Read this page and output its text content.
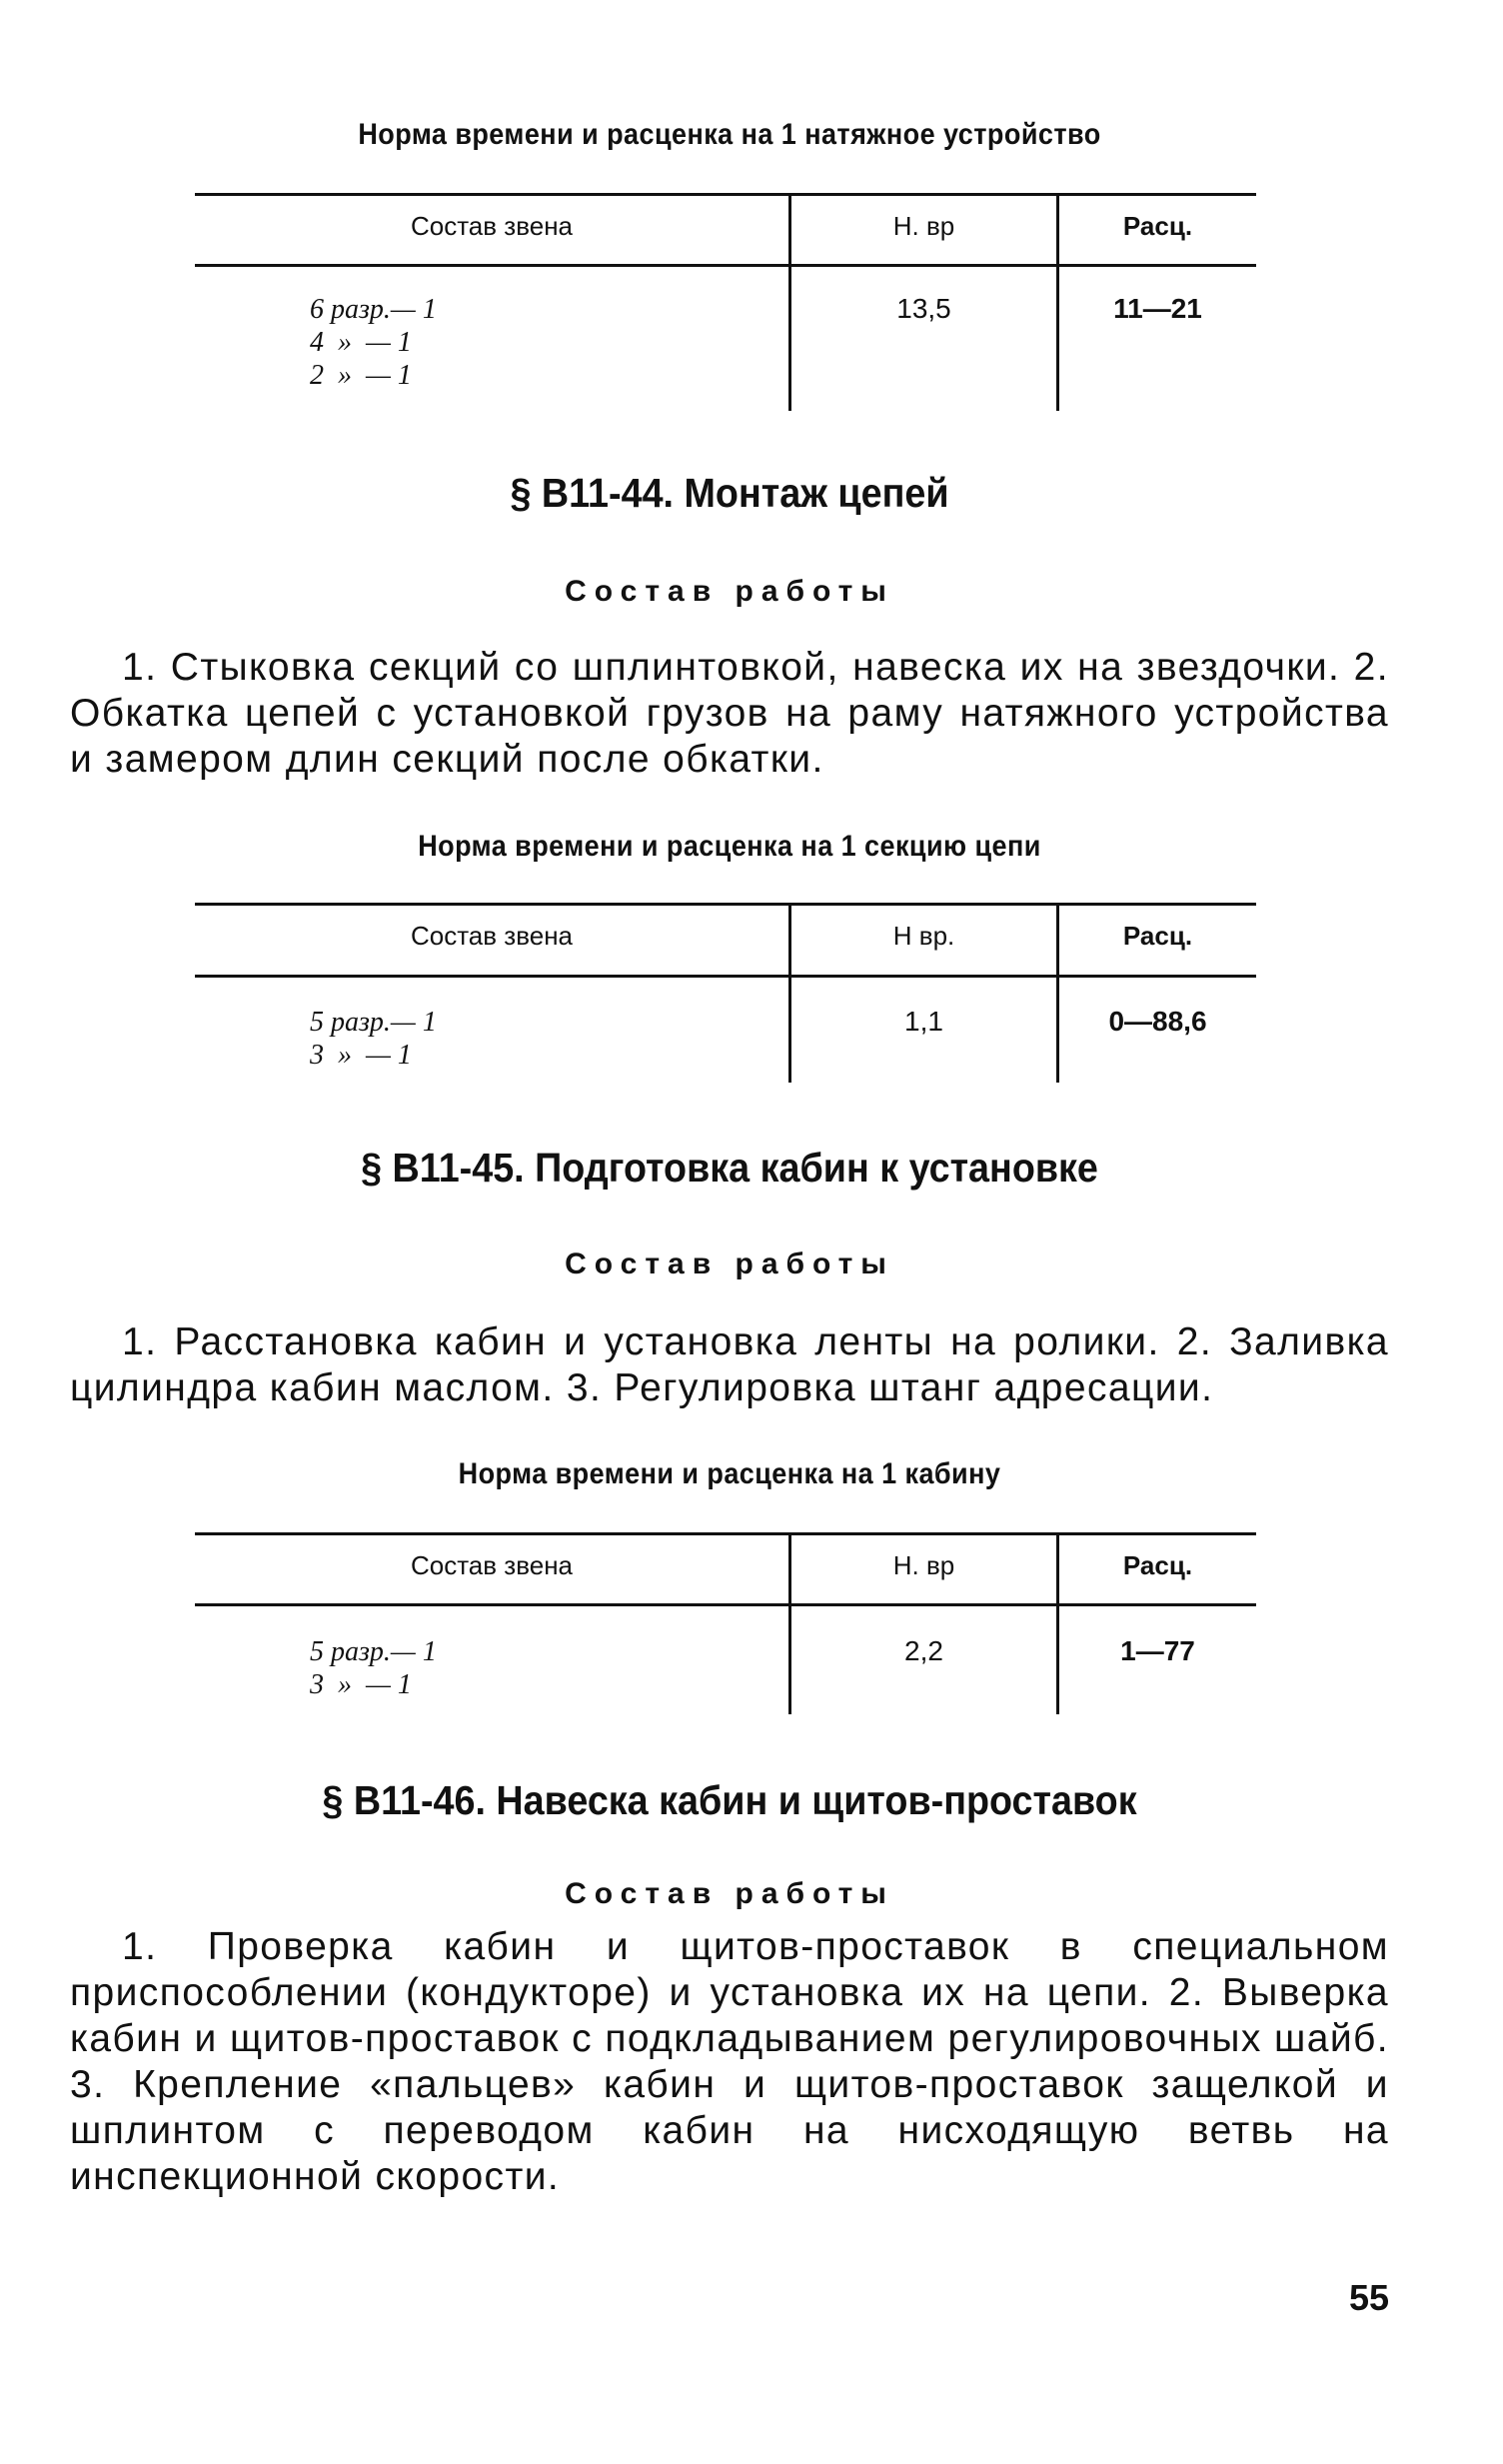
Норма времени и расценка на 1 натяжное устройство
Состав звена	Н. вр	Расц.
6 разр.— 1
4  »  — 1
2  »  — 1
13,5	11—21
§ В11-44. Монтаж цепей
Состав работы

1. Стыковка секций со шплинтовкой, навеска их на звездочки. 2. Обкатка цепей с установкой грузов на раму натяжного устройства и замером длин секций после обкатки.

Норма времени и расценка на 1 секцию цепи
Состав звена	Н вр.	Расц.
5 разр.— 1
3  »  — 1
1,1	0—88,6
§ В11-45. Подготовка кабин к установке
Состав работы

1. Расстановка кабин и установка ленты на ролики. 2. Заливка цилиндра кабин маслом. 3. Регулировка штанг адресации.

Норма времени и расценка на 1 кабину
Состав звена	Н. вр	Расц.
5 разр.— 1
3  »  — 1
2,2	1—77
§ В11-46. Навеска кабин и щитов-проставок
Состав работы

1. Проверка кабин и щитов-проставок в специальном приспособлении (кондукторе) и установка их на цепи. 2. Выверка кабин и щитов-проставок с подкладыванием регулировочных шайб. 3. Крепление «пальцев» кабин и щитов-проставок защелкой и шплинтом с переводом кабин на нисходящую ветвь на инспекционной скорости.

55
